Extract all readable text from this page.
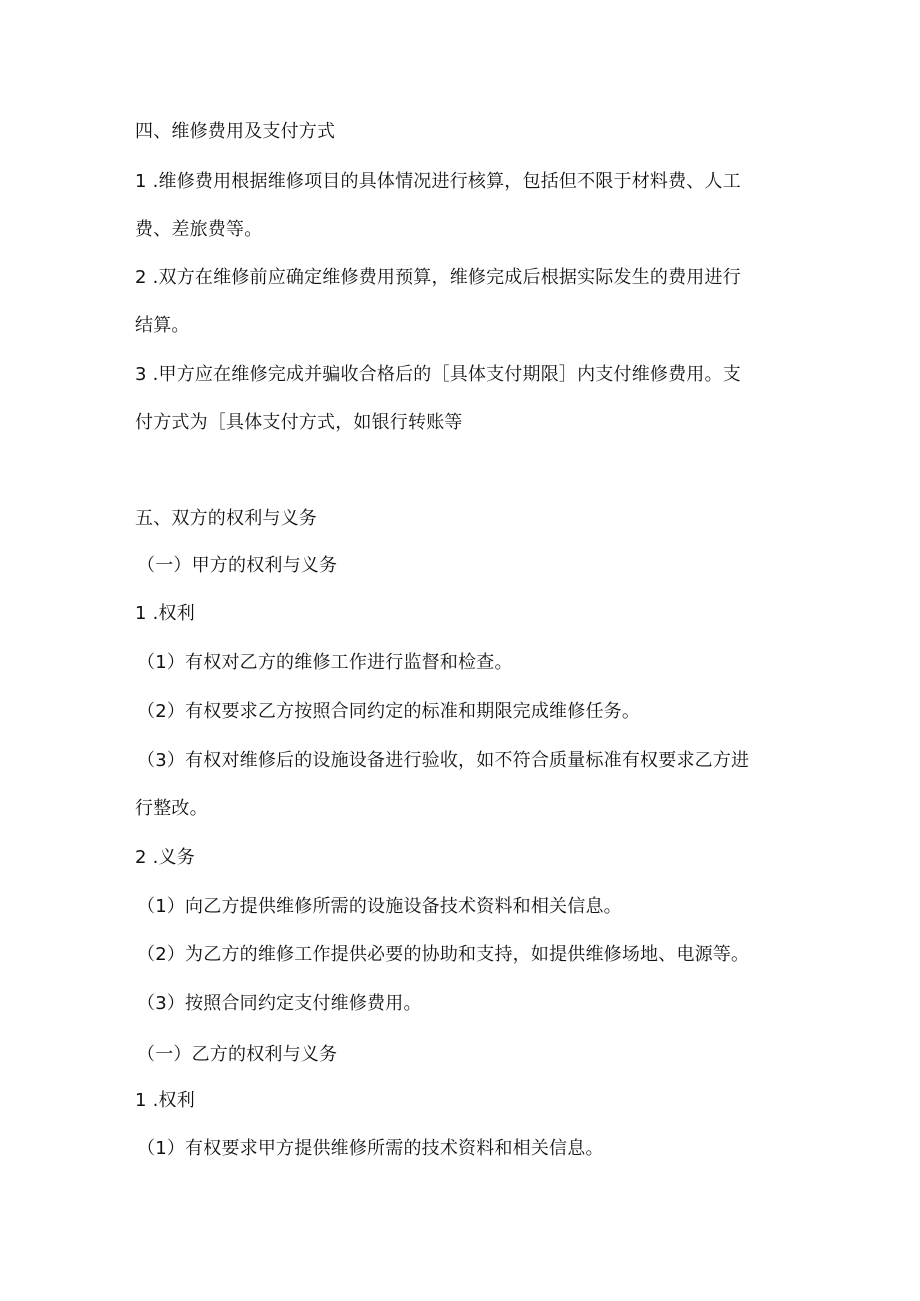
四、维修费用及支付方式
1 .维修费用根据维修项目的具体情况进行核算，包括但不限于材料费、人工
费、差旅费等。
2 .双方在维修前应确定维修费用预算，维修完成后根据实际发生的费用进行
结算。
3 .甲方应在维修完成并骗收合格后的［具体支付期限］内支付维修费用。支
付方式为［具体支付方式，如银行转账等
五、双方的权利与义务
（一）甲方的权利与义务
1 .权利
（1）有权对乙方的维修工作进行监督和检查。
（2）有权要求乙方按照合同约定的标准和期限完成维修任务。
（3）有权对维修后的设施设备进行验收，如不符合质量标准有权要求乙方进
行整改。
2 .义务
（1）向乙方提供维修所需的设施设备技术资料和相关信息。
（2）为乙方的维修工作提供必要的协助和支持，如提供维修场地、电源等。
（3）按照合同约定支付维修费用。
（一）乙方的权利与义务
1 .权利
（1）有权要求甲方提供维修所需的技术资料和相关信息。
